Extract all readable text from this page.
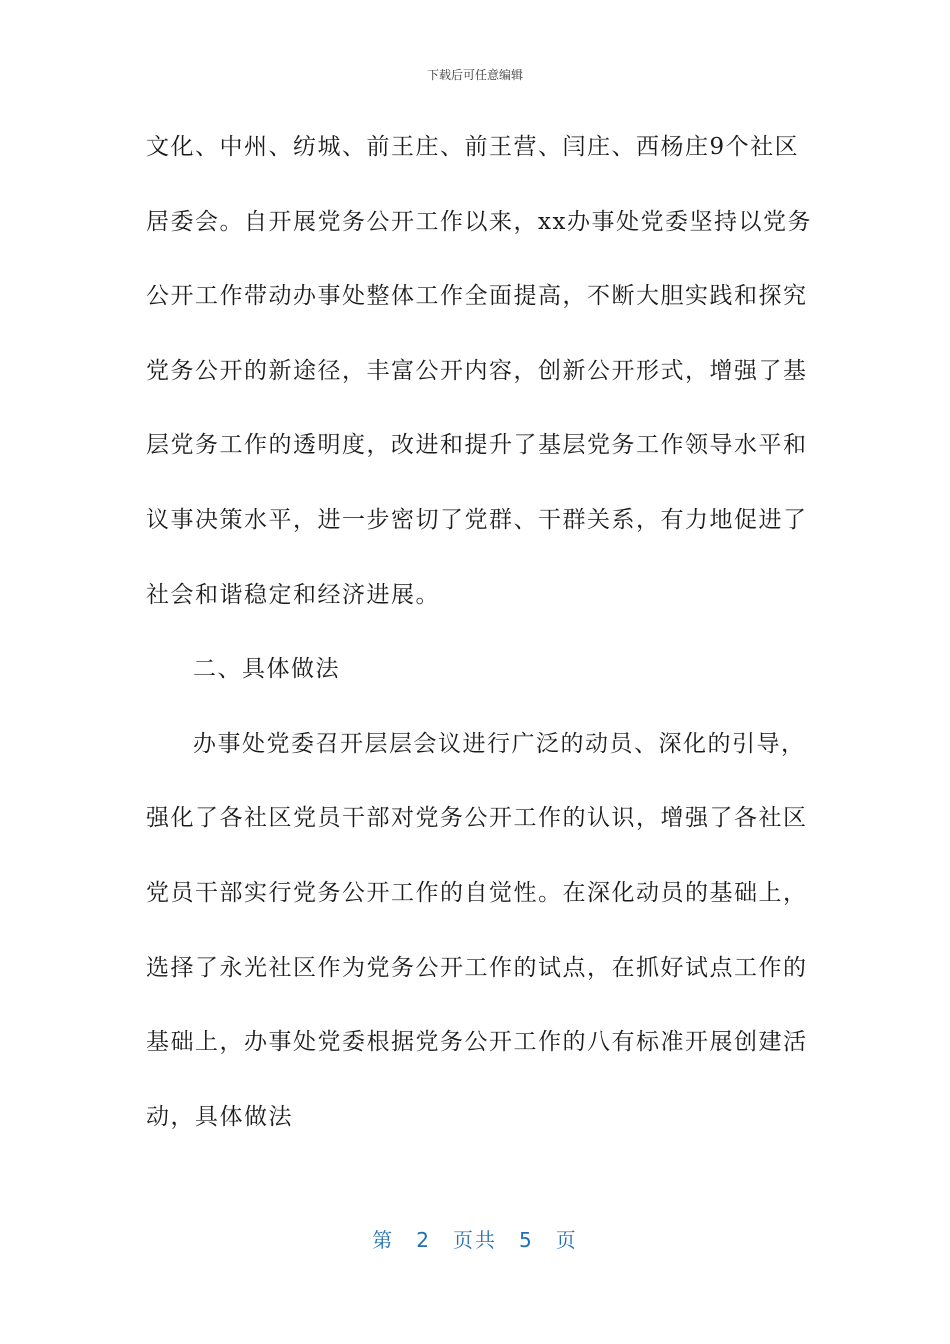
下载后可任意编辑
文化、中州、纺城、前王庄、前王营、闫庄、西杨庄9个社区
居委会。自开展党务公开工作以来，xx办事处党委坚持以党务
公开工作带动办事处整体工作全面提高，不断大胆实践和探究
党务公开的新途径，丰富公开内容，创新公开形式，增强了基
层党务工作的透明度，改进和提升了基层党务工作领导水平和
议事决策水平，进一步密切了党群、干群关系，有力地促进了
社会和谐稳定和经济进展。
二、具体做法
办事处党委召开层层会议进行广泛的动员、深化的引导，
强化了各社区党员干部对党务公开工作的认识，增强了各社区
党员干部实行党务公开工作的自觉性。在深化动员的基础上，
选择了永光社区作为党务公开工作的试点，在抓好试点工作的
基础上，办事处党委根据党务公开工作的八有标准开展创建活
动，具体做法
第 2 页共 5 页
